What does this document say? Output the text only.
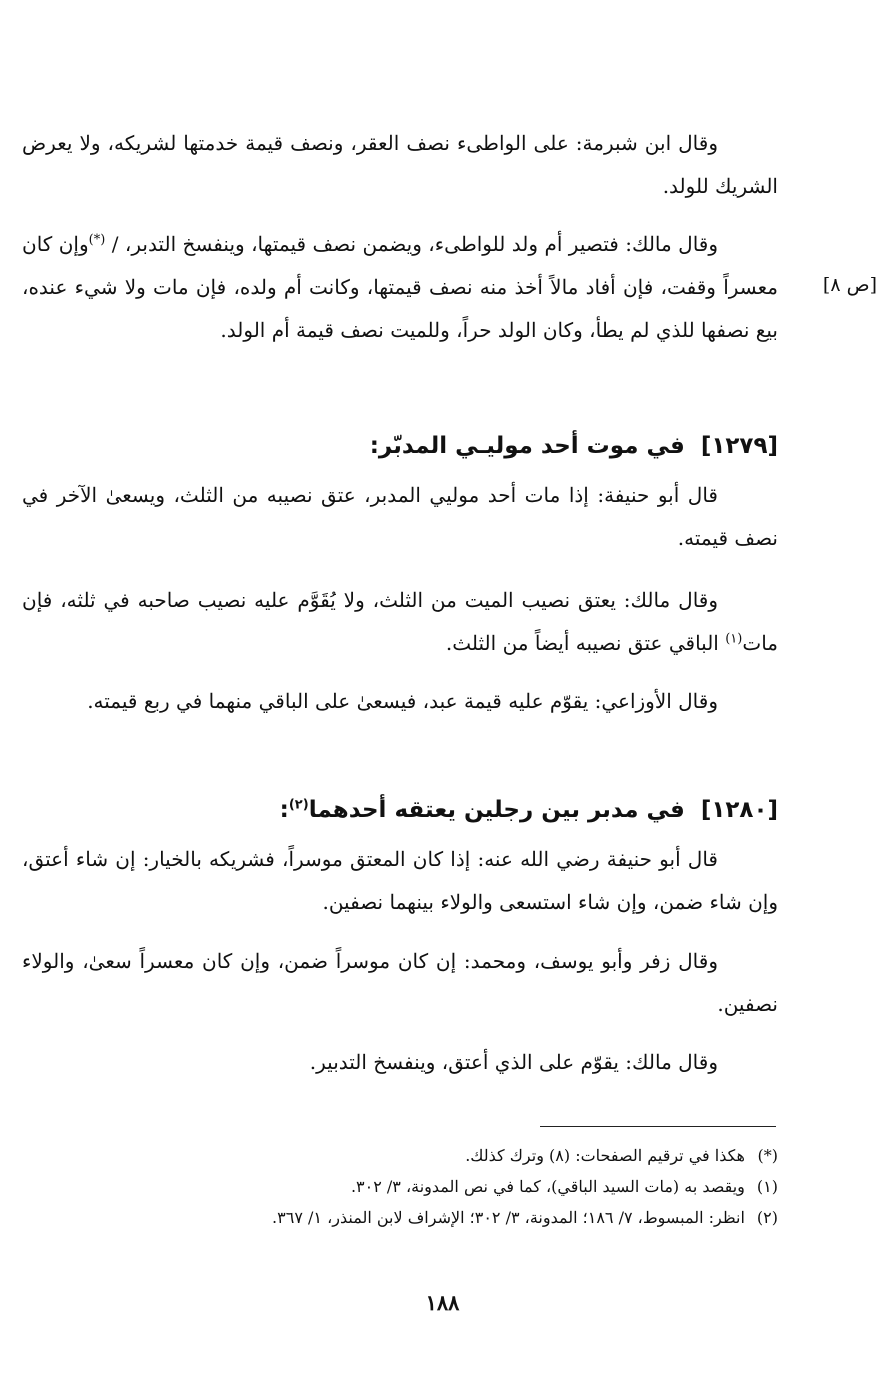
وقال ابن شبرمة: على الواطىء نصف العقر، ونصف قيمة خدمتها لشريكه، ولا يعرض الشريك للولد.
وقال مالك: فتصير أم ولد للواطىء، ويضمن نصف قيمتها، وينفسخ التدبر، / (*)وإن كان معسراً وقفت، فإن أفاد مالاً أخذ منه نصف قيمتها، وكانت أم ولده، فإن مات ولا شيء عنده، بيع نصفها للذي لم يطأ، وكان الولد حراً، وللميت نصف قيمة أم الولد.
[ص ٨]
[١٢٧٩]  في موت أحد موليـي المدبّر:
قال أبو حنيفة: إذا مات أحد موليي المدبر، عتق نصيبه من الثلث، ويسعىٰ الآخر في نصف قيمته.
وقال مالك: يعتق نصيب الميت من الثلث، ولا يُقَوَّم عليه نصيب صاحبه في ثلثه، فإن مات$^{(١)}$ الباقي عتق نصيبه أيضاً من الثلث.
وقال الأوزاعي: يقوّم عليه قيمة عبد، فيسعىٰ على الباقي منهما في ربع قيمته.
[١٢٨٠]  في مدبر بين رجلين يعتقه أحدهما$^{(٢)}$:
قال أبو حنيفة رضي الله عنه: إذا كان المعتق موسراً، فشريكه بالخيار: إن شاء أعتق، وإن شاء ضمن، وإن شاء استسعى والولاء بينهما نصفين.
وقال زفر وأبو يوسف، ومحمد: إن كان موسراً ضمن، وإن كان معسراً سعىٰ، والولاء نصفين.
وقال مالك: يقوّم على الذي أعتق، وينفسخ التدبير.
(*) هكذا في ترقيم الصفحات: (٨) وترك كذلك.
(١) ويقصد به (مات السيد الباقي)، كما في نص المدونة، ٣/ ٣٠٢.
(٢) انظر: المبسوط، ٧/ ١٨٦؛ المدونة، ٣/ ٣٠٢؛ الإشراف لابن المنذر، ١/ ٣٦٧.
١٨٨
